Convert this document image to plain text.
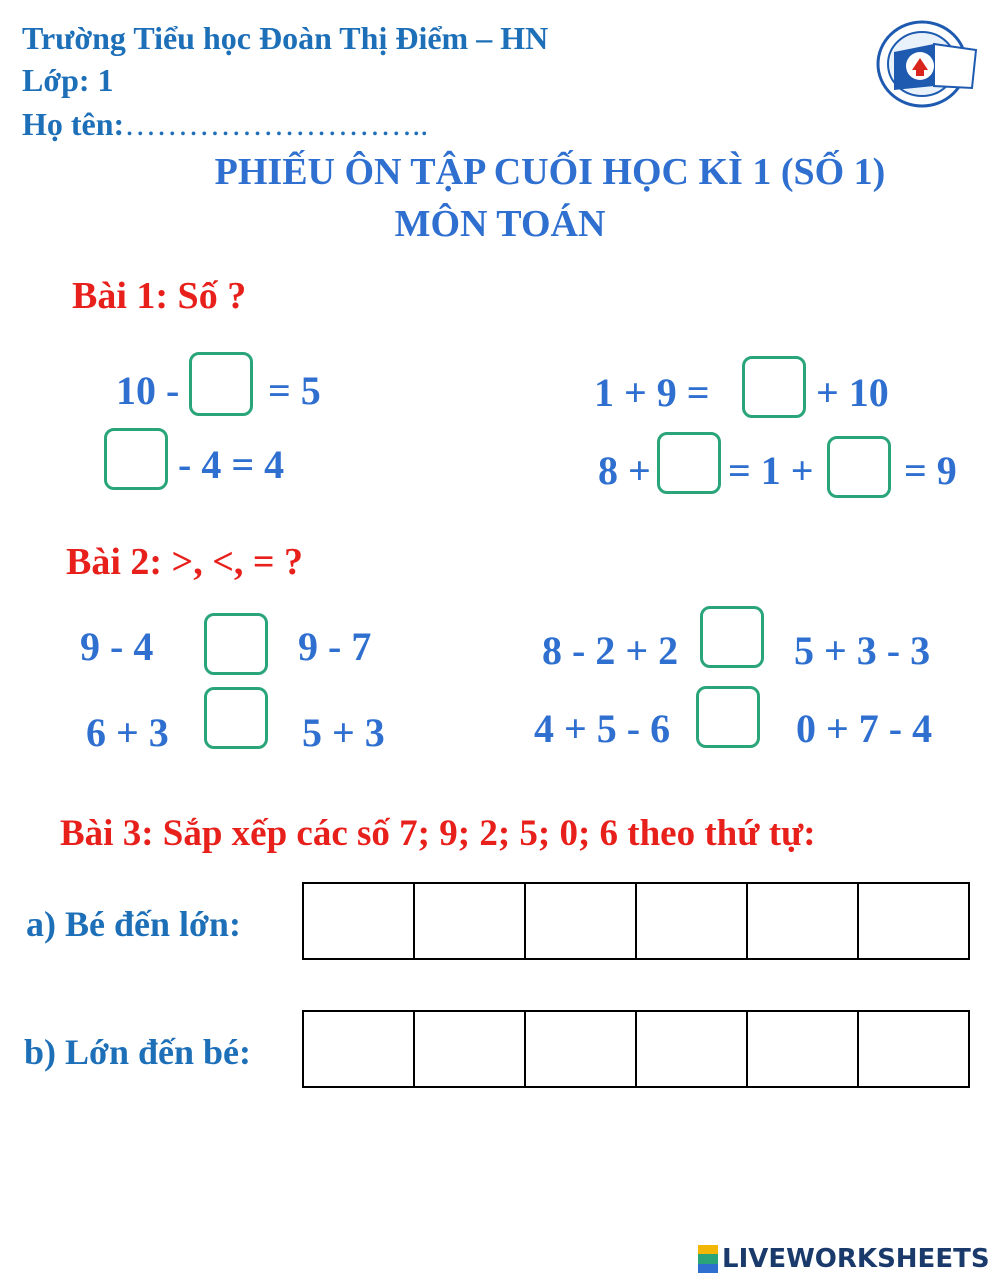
Trường Tiểu học Đoàn Thị Điểm – HN
Lớp: 1
Họ tên:………………………..
PHIẾU ÔN TẬP CUỐI HỌC KÌ 1 (SỐ 1)
MÔN TOÁN
Bài 1: Số ?
10 - = 5	1 + 9 =	+ 10
- 4 = 4	8 + = 1 + = 9
Bài 2: >, <, = ?
9 - 4	9 - 7	8 - 2 + 2	5 + 3 - 3
6 + 3	5 + 3	4 + 5 - 6	0 + 7 - 4
Bài 3: Sắp xếp các số 7; 9; 2; 5; 0; 6 theo thứ tự:
a) Bé đến lớn:
b) Lớn đến bé:
LIVEWORKSHEETS
